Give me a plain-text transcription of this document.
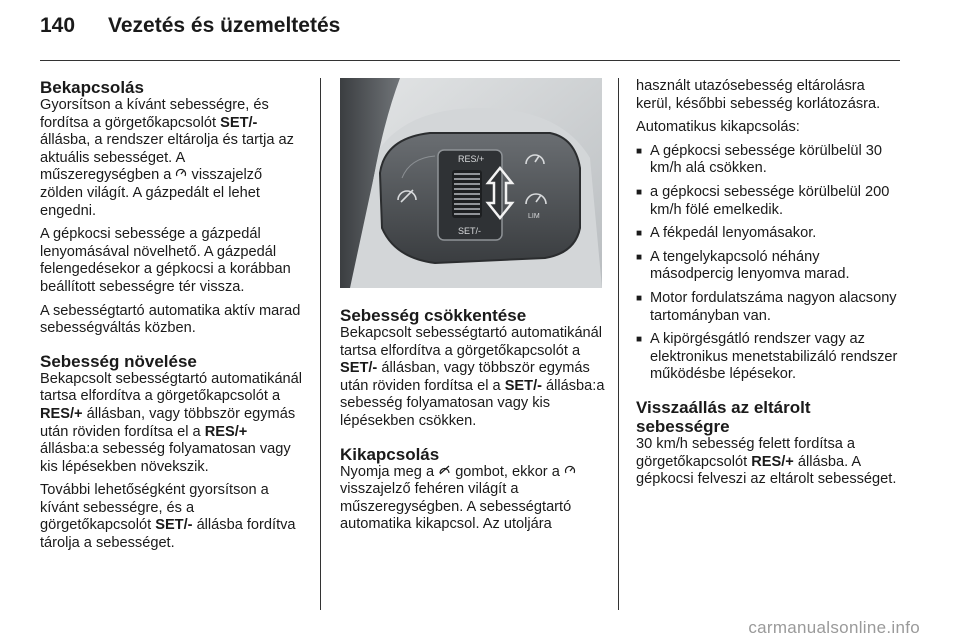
140 Vezetés és üzemeltetés
Bekapcsolás

Gyorsítson a kívánt sebességre, és fordítsa a görgetőkapcsolót SET/- állásba, a rendszer eltárolja és tartja az aktuális sebességet. A műszeregységben a  visszajelző zölden világít. A gázpedált el lehet engedni.

A gépkocsi sebessége a gázpedál lenyomásával növelhető. A gázpedál felengedésekor a gépkocsi a korábban beállított sebességre tér vissza.

A sebességtartó automatika aktív marad sebességváltás közben.

Sebesség növelése

Bekapcsolt sebességtartó automatikánál tartsa elfordítva a görgetőkapcsolót a RES/+ állásban, vagy többször egymás után röviden fordítsa el a RES/+ állásba:a sebesség folyamatosan vagy kis lépésekben növekszik.

További lehetőségként gyorsítson a kívánt sebességre, és a görgetőkapcsolót SET/- állásba fordítva tárolja a sebességet.

RES/+
SET/-
LIM
Sebesség csökkentése

Bekapcsolt sebességtartó automatikánál tartsa elfordítva a görgetőkapcsolót a SET/- állásban, vagy többször egymás után röviden fordítsa el a SET/- állásba:a sebesség folyamatosan vagy kis lépésekben csökken.

Kikapcsolás

Nyomja meg a  gombot, ekkor a  visszajelző fehéren világít a műszeregységben. A sebességtartó automatika kikapcsol. Az utoljára

használt utazósebesség eltárolásra kerül, későbbi sebesség korlátozásra.

Automatikus kikapcsolás:

■ A gépkocsi sebessége körülbelül 30 km/h alá csökken.
■ a gépkocsi sebessége körülbelül 200 km/h fölé emelkedik.
■ A fékpedál lenyomásakor.
■ A tengelykapcsoló néhány másodpercig lenyomva marad.
■ Motor fordulatszáma nagyon alacsony tartományban van.
■ A kipörgésgátló rendszer vagy az elektronikus menetstabilizáló rendszer működésbe lépésekor.
Visszaállás az eltárolt sebességre

30 km/h sebesség felett fordítsa a görgetőkapcsolót RES/+ állásba. A gépkocsi felveszi az eltárolt sebességet.

carmanualsonline.info
